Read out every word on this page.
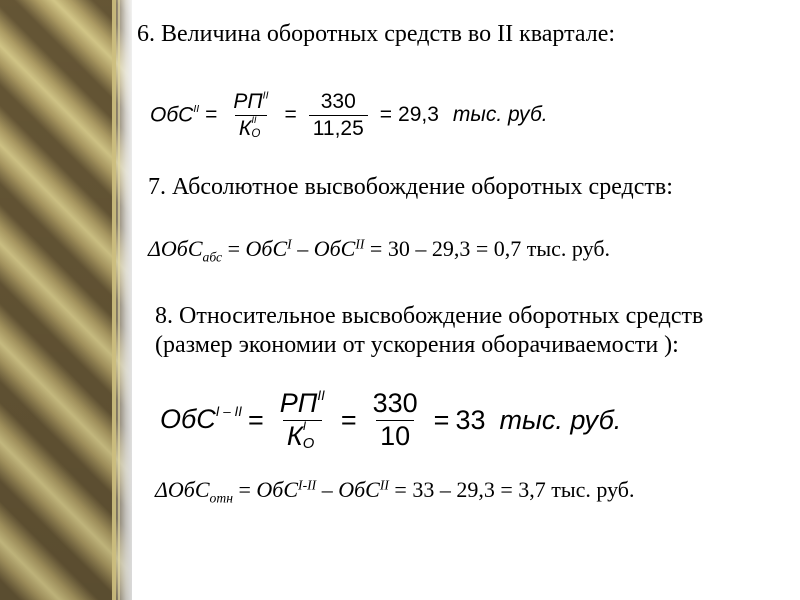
6. Величина оборотных средств во II квартале:
$ОбС^{II} = РП^{II}$
К II
О
= $\frac{330}{11,25} = 29,3$ тыс. руб.
7. Абсолютное высвобождение оборотных средств:
ΔОбС$_{абс}$ = ОбС$^I$ – ОбС$^{II}$ = 30 – 29,3 = 0,7 тыс. руб.
8. Относительное высвобождение оборотных средств (размер экономии от ускорения оборачиваемости ):
$ОбС^{I - II} = РП^{II}$
К I
О
= $\frac{330}{10} = 33$ тыс. руб.
ΔОбС$_{отн}$ = ОбС$^{I-II}$ – ОбС$^{II}$ = 33 – 29,3 = 3,7 тыс. руб.
